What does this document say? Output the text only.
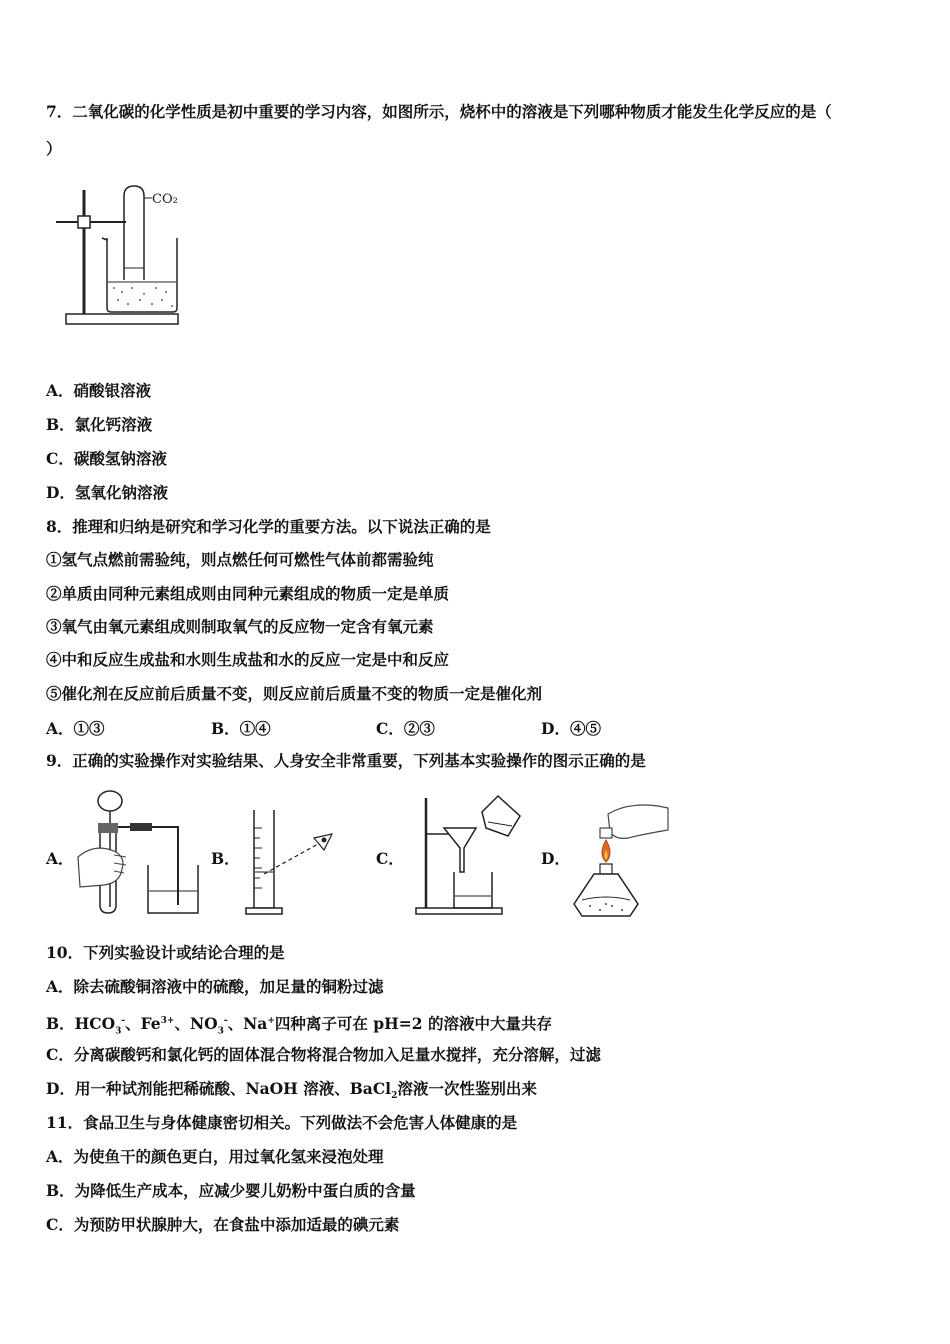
7．二氧化碳的化学性质是初中重要的学习内容，如图所示，烧杯中的溶液是下列哪种物质才能发生化学反应的是（
）
CO₂
A．硝酸银溶液
B．氯化钙溶液
C．碳酸氢钠溶液
D．氢氧化钠溶液
8．推理和归纳是研究和学习化学的重要方法。以下说法正确的是
①氢气点燃前需验纯，则点燃任何可燃性气体前都需验纯
②单质由同种元素组成则由同种元素组成的物质一定是单质
③氧气由氧元素组成则制取氧气的反应物一定含有氧元素
④中和反应生成盐和水则生成盐和水的反应一定是中和反应
⑤催化剂在反应前后质量不变，则反应前后质量不变的物质一定是催化剂
A．①③	B．①④	C．②③	D．④⑤
9．正确的实验操作对实验结果、人身安全非常重要，下列基本实验操作的图示正确的是
A．	B．	C．	D．
10．下列实验设计或结论合理的是
A．除去硫酸铜溶液中的硫酸，加足量的铜粉过滤
B．$HCO_3^-$、$Fe^{3+}$、$NO_3^-$、Na+四种离子可在 pH=2 的溶液中大量共存
C．分离碳酸钙和氯化钙的固体混合物将混合物加入足量水搅拌，充分溶解，过滤
D．用一种试剂能把稀硫酸、NaOH 溶液、BaCl$_2$溶液一次性鉴别出来
11．食品卫生与身体健康密切相关。下列做法不会危害人体健康的是
A．为使鱼干的颜色更白，用过氧化氢来浸泡处理
B．为降低生产成本，应减少婴儿奶粉中蛋白质的含量
C．为预防甲状腺肿大，在食盐中添加适最的碘元素
